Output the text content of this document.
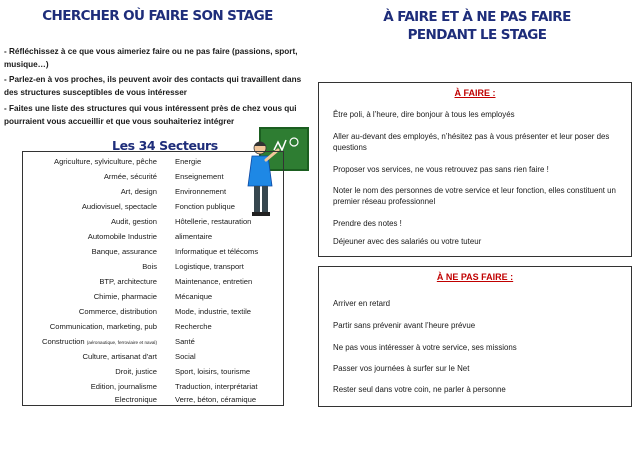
CHERCHER OÙ FAIRE SON STAGE
- Réfléchissez à ce que vous aimeriez faire ou ne pas faire (passions, sport, musique…)
- Parlez-en à vos proches, ils peuvent avoir des contacts qui travaillent dans des structures susceptibles de vous intéresser
- Faites une liste des structures qui vous intéressent près de chez vous qui pourraient vous accueillir et que vous souhaiteriez intégrer
Les 34 Secteurs
Agriculture, sylviculture, pêche Energie
Armée, sécurité Enseignement
Art, design Environnement
Audiovisuel, spectacle Fonction publique
Audit, gestion Hôtellerie, restauration
Automobile Industrie alimentaire
Banque, assurance Informatique et télécoms
Bois Logistique, transport
BTP, architecture Maintenance, entretien
Chimie, pharmacie Mécanique
Commerce, distribution Mode, industrie, textile
Communication, marketing, pub Recherche
Construction (aéronautique, ferroviaire et naval) Santé
Culture, artisanat d'art Social
Droit, justice Sport, loisirs, tourisme
Edition, journalisme Traduction, interprétariat
Electronique Verre, béton, céramique
À FAIRE ET À NE PAS FAIRE
PENDANT LE STAGE
À FAIRE :
Être poli, à l’heure, dire bonjour à tous les employés
Aller au-devant des employés, n’hésitez pas à vous présenter et leur poser des questions
Proposer vos services, ne vous retrouvez pas sans rien faire !
Noter le nom des personnes de votre service et leur fonction, elles constituent un premier réseau professionnel
Prendre des notes !
Déjeuner avec des salariés ou votre tuteur
À NE PAS FAIRE :
Arriver en retard
Partir sans prévenir avant l’heure prévue
Ne pas vous intéresser à votre service, ses missions
Passer vos journées à surfer sur le Net
Rester seul dans votre coin, ne parler à personne
